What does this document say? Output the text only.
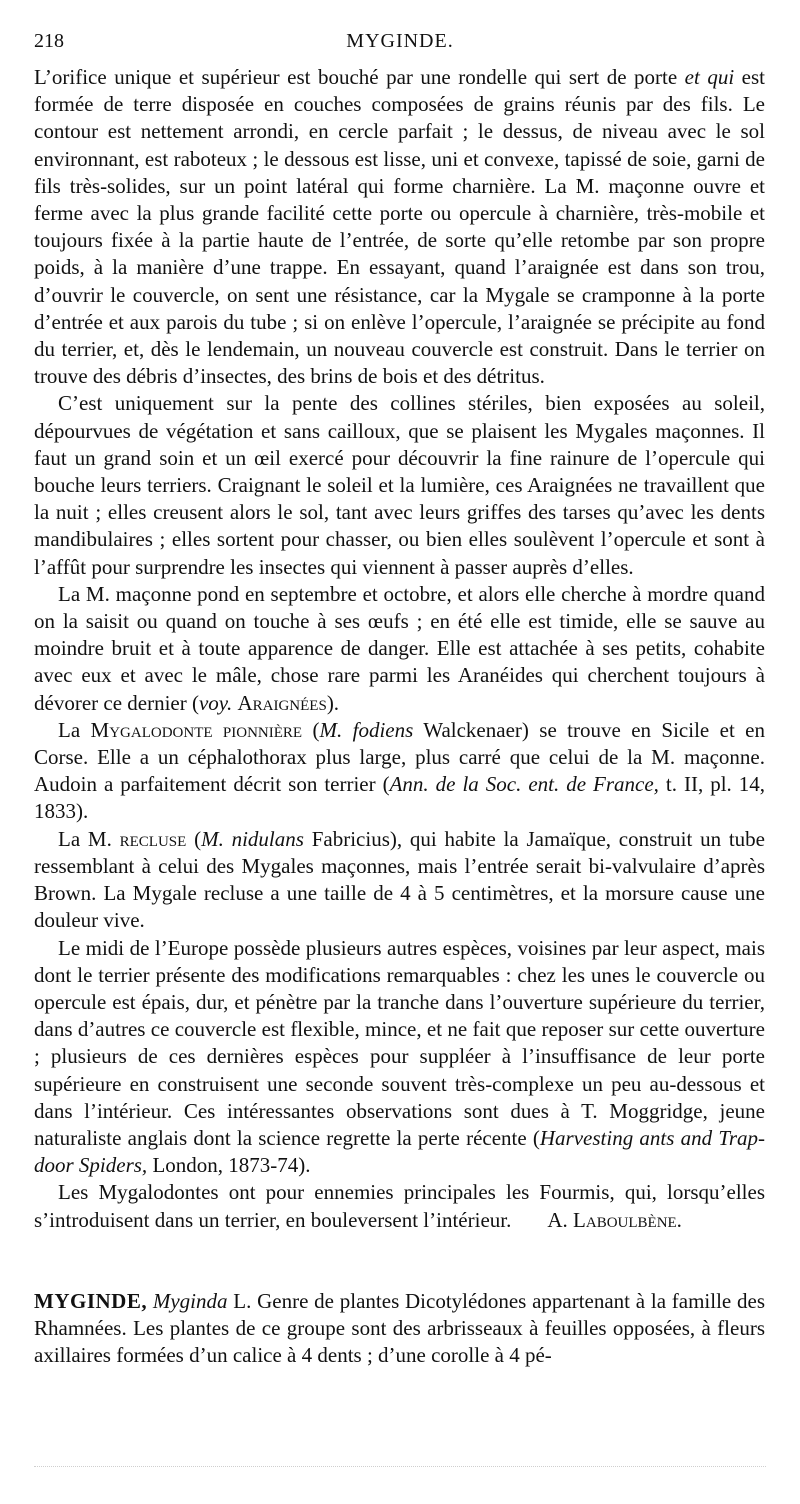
218	MYGINDE.

L’orifice unique et supérieur est bouché par une rondelle qui sert de porte et qui est formée de terre disposée en couches composées de grains réunis par des fils. Le contour est nettement arrondi, en cercle parfait ; le dessus, de niveau avec le sol environnant, est raboteux ; le dessous est lisse, uni et convexe, tapissé de soie, garni de fils très-solides, sur un point latéral qui forme charnière. La M. maçonne ouvre et ferme avec la plus grande facilité cette porte ou opercule à charnière, très-mobile et toujours fixée à la partie haute de l’entrée, de sorte qu’elle retombe par son propre poids, à la manière d’une trappe. En essayant, quand l’araignée est dans son trou, d’ouvrir le couvercle, on sent une résistance, car la Mygale se cramponne à la porte d’entrée et aux parois du tube ; si on enlève l’opercule, l’araignée se précipite au fond du terrier, et, dès le lendemain, un nouveau couvercle est construit. Dans le terrier on trouve des débris d’insectes, des brins de bois et des détritus.

C’est uniquement sur la pente des collines stériles, bien exposées au soleil, dépourvues de végétation et sans cailloux, que se plaisent les Mygales maçonnes. Il faut un grand soin et un œil exercé pour découvrir la fine rainure de l’opercule qui bouche leurs terriers. Craignant le soleil et la lumière, ces Araignées ne travaillent que la nuit ; elles creusent alors le sol, tant avec leurs griffes des tarses qu’avec les dents mandibulaires ; elles sortent pour chasser, ou bien elles soulèvent l’opercule et sont à l’affût pour surprendre les insectes qui viennent à passer auprès d’elles.

La M. maçonne pond en septembre et octobre, et alors elle cherche à mordre quand on la saisit ou quand on touche à ses œufs ; en été elle est timide, elle se sauve au moindre bruit et à toute apparence de danger. Elle est attachée à ses petits, cohabite avec eux et avec le mâle, chose rare parmi les Aranéides qui cherchent toujours à dévorer ce dernier (voy. Araignées).

La Mygalodonte pionnière (M. fodiens Walckenaer) se trouve en Sicile et en Corse. Elle a un céphalothorax plus large, plus carré que celui de la M. maçonne. Audoin a parfaitement décrit son terrier (Ann. de la Soc. ent. de France, t. II, pl. 14, 1833).

La M. recluse (M. nidulans Fabricius), qui habite la Jamaïque, construit un tube ressemblant à celui des Mygales maçonnes, mais l’entrée serait bi-valvulaire d’après Brown. La Mygale recluse a une taille de 4 à 5 centimètres, et la morsure cause une douleur vive.

Le midi de l’Europe possède plusieurs autres espèces, voisines par leur aspect, mais dont le terrier présente des modifications remarquables : chez les unes le couvercle ou opercule est épais, dur, et pénètre par la tranche dans l’ouverture supérieure du terrier, dans d’autres ce couvercle est flexible, mince, et ne fait que reposer sur cette ouverture ; plusieurs de ces dernières espèces pour suppléer à l’insuffisance de leur porte supérieure en construisent une seconde souvent très-complexe un peu au-dessous et dans l’intérieur. Ces intéressantes observations sont dues à T. Moggridge, jeune naturaliste anglais dont la science regrette la perte récente (Harvesting ants and Trap-door Spiders, London, 1873-74).

Les Mygalodontes ont pour ennemies principales les Fourmis, qui, lorsqu’elles s’introduisent dans un terrier, en bouleversent l’intérieur. A. Laboulbène.

MYGINDE, Myginda L. Genre de plantes Dicotylédones appartenant à la famille des Rhamnées. Les plantes de ce groupe sont des arbrisseaux à feuilles opposées, à fleurs axillaires formées d’un calice à 4 dents ; d’une corolle à 4 pé-
